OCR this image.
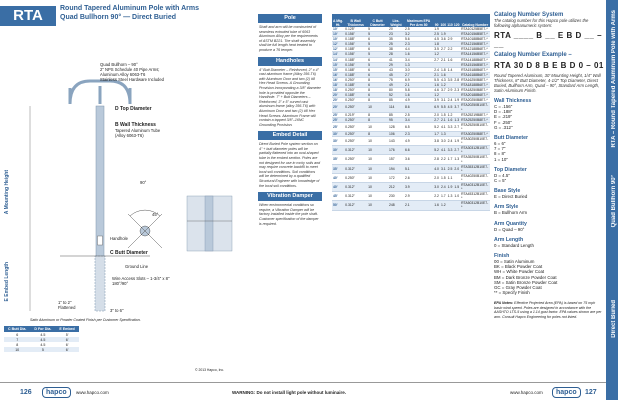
RTA	Round Tapered Aluminum Pole with Arms
Quad Bullhorn 90° — Direct Buried
Quad Bullhorn – 90°
2" NPS Schedule 40 Pipe Arms;
Aluminum Alloy 6063-T6
Stainless Steel Hardware Included
D Top Diameter
B Wall Thickness
Tapered Aluminum Tube
(Alloy 6063-T6)
A Mounting Height
Handhole
C Butt Diameter
Ground Line
Wire Access Slots – 1-3/4" x 8"
180°/90°
E Embed Length
1" to 2"
Flattened
3" to 6"
45°
90°
Satin Aluminum or Powder Coated Finish per Customer Specification.
C Butt Dia.	D For Dia.	E Embed
6	4.5	5'
7	4.5	6'
8	4.5	6'
10	5	6'
© 2013 Hapco, Inc.
Pole
Shaft and arm will be constructed of seamless extruded tube of 6063 Aluminum Alloy per the requirements of ASTM B221. The shaft assembly shall be full length heat treated to produce a T6 temper.
Handholes
4" Butt Diameter – Reinforced, 2" x 4" cast aluminum frame (Alloy 356-T6) with Aluminum Door and two (2) #8 Hex Head Screws. A Grounding Provision incorporating a 3/8" diameter hole is provided opposite the Handhole. 7" + Butt Diameters – Reinforced, 3" x 5" curved cast aluminum frame (alloy 356-T6) with Aluminum Door and two (2) #8 Hex Head Screws. Aluminum Frame will contain a tapped 3/8"–16NC Grounding Provision.
Embed Detail
Direct Buried Pole system section on 4" + butt diameter poles will be partially flattened into an oval-shaped tube in the embed section. Poles are not designed for use in rocky soils and may require concrete backfill to meet local soil conditions. Soil conditions will be determined by a qualified Structural Engineer with knowledge of the local soil conditions.
Vibration Damper
When environmental conditions so require, a Vibration Damper will be factory installed inside the pole shaft. Customer specification of the damper is required.
A Mtg. Ht.	B Wall Thickness	C Butt Diameter	Lbs. Weight	Maximum EPA Per Arm 80	90	100	110	120	Catalog Number
10'	0.125"	5	20	2.5	1.9				RTA10125B5E7-*
10'	0.156"	5	23	3.2	2.5	1.9			RTA10156B5E7-*
10'	0.188"	6	35	5.6	4.5	3.6	2.9		RTA10188B6E7-*
12'	0.156"	5	25	2.3	1.8				RTA12156B5E7-*
12'	0.188"	6	38	4.4	3.5	2.7	2.2		RTA12188B6E7-*
14'	0.156"	5	28	1.6	1.2				RTA14156B5E7-*
14'	0.188"	6	41	3.4	2.7	2.1	1.6		RTA14188B6E7-*
15'	0.156"	5	29	1.3					RTA15156B5E7-*
15'	0.188"	6	43	3.0	2.4	1.8	1.4		RTA15188B6E7-*
16'	0.188"	6	45	2.7	2.1	1.6			RTA16188B6E7-*
16'	0.250"	8	75	6.9	5.5	4.3	3.5	2.8	RTA16250B8E7-*
18'	0.188"	6	49	2.1	1.6	1.2			RTA18188B6E7-*
18'	0.250"	8	80	5.8	4.6	3.7	2.9	2.3	RTA18250B8E7-*
20'	0.188"	6	52	1.6	1.2				RTA20188B6E7-*
20'	0.250"	8	85	4.9	3.9	3.1	2.4	1.9	RTA20250B8E7-*
20'	0.250"	10	114	8.6	6.9	5.5	4.5	3.7	RTA20250B10E7-*
25'	0.219"	8	85	2.5	2.0	1.5	1.2		RTA25219B8E7-*
25'	0.250"	8	95	3.4	2.7	2.1	1.6	1.3	RTA25250B8E7-*
25'	0.250"	10	128	6.5	5.2	4.1	3.3	2.7	RTA25250B10E7-*
30'	0.250"	8	106	2.3	1.7	1.3			RTA30250B8E7-*
30'	0.250"	10	143	4.9	3.8	3.0	2.4	1.9	RTA30250B10E7-*
30'	0.312"	10	176	6.6	5.2	4.1	3.3	2.7	RTA30312B10E7-*
35'	0.250"	10	157	3.6	2.8	2.2	1.7	1.3	RTA35250B10E7-*
35'	0.312"	10	194	5.1	4.0	3.1	2.5	2.0	RTA35312B10E7-*
40'	0.250"	10	172	2.6	2.0	1.5	1.1		RTA40250B10E7-*
40'	0.312"	10	212	3.9	3.0	2.4	1.9	1.5	RTA40312B10E7-*
45'	0.312"	10	230	2.9	2.2	1.7	1.3	1.0	RTA45312B10E7-*
50'	0.312"	10	248	2.1	1.6	1.2			RTA50312B10E7-*
Catalog Number System
The catalog number for this Hapco pole utilizes the following alphanumeric system:
RTA ____ B __ E B D __ – __
Catalog Number Example –
RTA 30 D 8 B E B D 0 – 01
Round Tapered Aluminum, 30' Mounting Height, 1/4" Wall Thickness, 8" Butt Diameter, 4-1/2" Top Diameter, Direct Buried, Bullhorn Arm, Quad – 90°, Standard Arm Length, Satin Aluminum Finish.
Wall Thickness
C = .156"
D = .188"
E = .219"
F = .250"
G = .312"
Butt Diameter
6 = 6"
7 = 7"
8 = 8"
1 = 10"
Top Diameter
D = 4.5"
C = 5"
Base Style
E = Direct Buried
Arm Style
B = Bullhorn Arm
Arm Quantity
D = Quad – 90°
Arm Length
0 = Standard Length
Finish
00 = Satin Aluminum
BK = Black Powder Coat
WH = White Powder Coat
BM = Dark Bronze Powder Coat
SM = Satin Bronze Powder Coat
GC = Gray Powder Coat
** = Specify Finish
EPA Notes: Effective Projected Area (EPA) is based on 75 mph basic wind speed. Poles are designed in accordance with the AASHTO LTS-5 using a 1.14 gust factor. EPA values shown are per arm. Consult Hapco Engineering for poles not listed.
RTA – Round Tapered Aluminum Pole with Arms
Quad Bullhorn 90°
Direct Buried
126	hapco	www.hapco.com	WARNING: Do not install light pole without luminaire.	www.hapco.com	hapco	127
